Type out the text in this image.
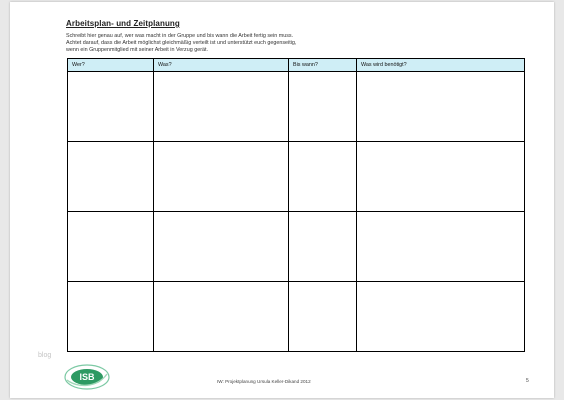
Arbeitsplan- und Zeitplanung
Schreibt hier genau auf, wer was macht in der Gruppe und bis wann die Arbeit fertig sein muss.
Achtet darauf, dass die Arbeit möglichst gleichmäßig verteilt ist und unterstützt euch gegenseitig,
wenn ein Gruppenmitglied mit seiner Arbeit in Verzug gerät.
Wer?	Was?	Bis wann?	Was wird benötigt?

blog
ISB	IW: Projektplanung Ursula Keller-Dikand 2012	5
